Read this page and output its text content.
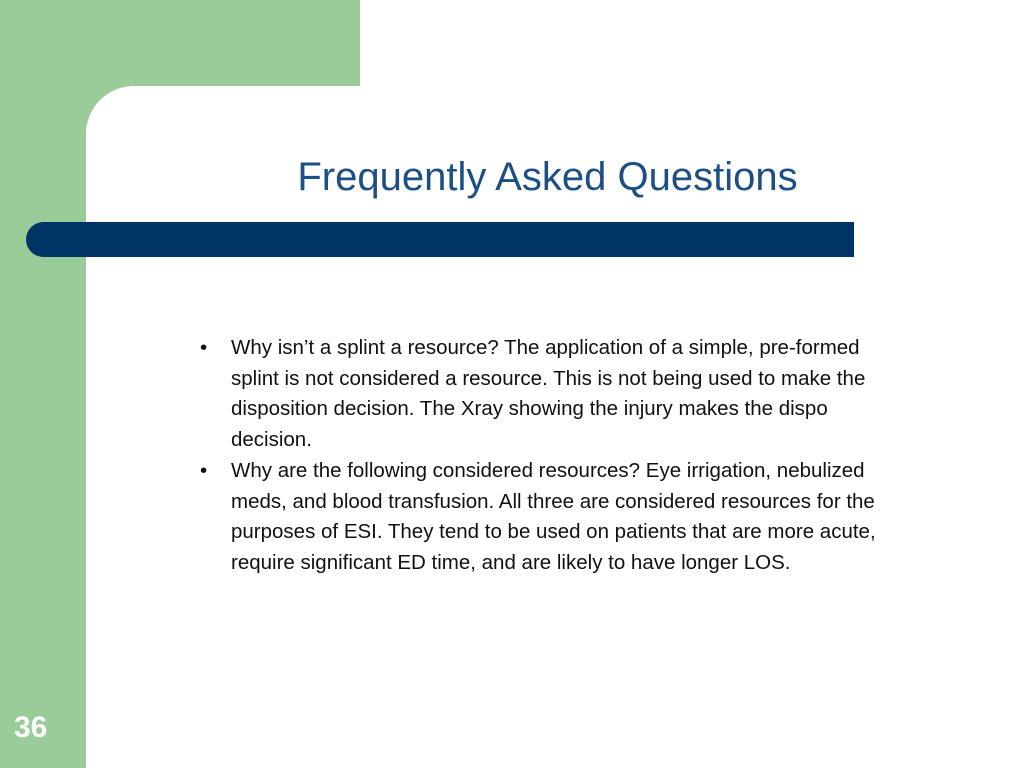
Frequently Asked Questions
• Why isn’t a splint a resource? The application of a simple, pre-formed splint is not considered a resource. This is not being used to make the disposition decision. The Xray showing the injury makes the dispo decision.
• Why are the following considered resources? Eye irrigation, nebulized meds, and blood transfusion. All three are considered resources for the purposes of ESI. They tend to be used on patients that are more acute, require significant ED time, and are likely to have longer LOS.
36
